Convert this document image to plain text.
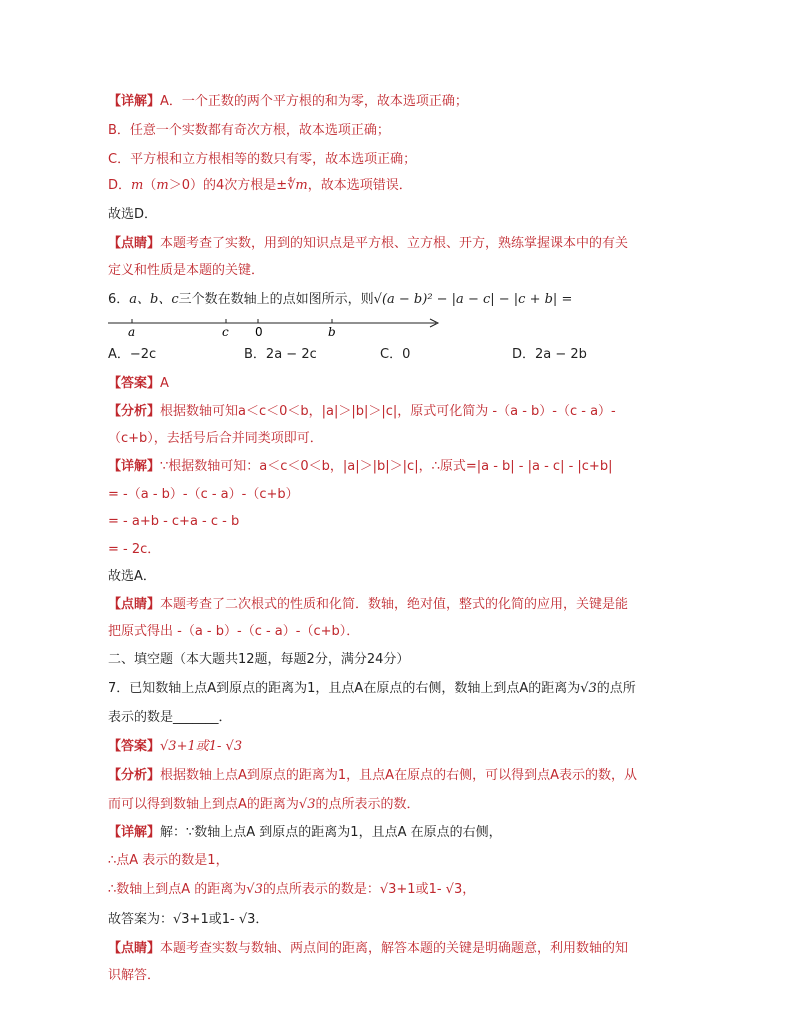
【详解】A．一个正数的两个平方根的和为零，故本选项正确；
B．任意一个实数都有奇次方根，故本选项正确；
C．平方根和立方根相等的数只有零，故本选项正确；
D．m（m＞0）的4次方根是±∜m，故本选项错误．
故选D．
【点睛】本题考查了实数，用到的知识点是平方根、立方根、开方，熟练掌握课本中的有关
定义和性质是本题的关键．
6．a、b、c三个数在数轴上的点如图所示，则√(a − b)² − |a − c| − |c + b| =
a	c 0	b
A．−2c	B．2a − 2c	C．0	D．2a − 2b
【答案】A
【分析】根据数轴可知a＜c＜0＜b，|a|＞|b|＞|c|，原式可化简为 -（a - b）-（c - a）-
（c+b），去括号后合并同类项即可．
【详解】∵根据数轴可知：a＜c＜0＜b，|a|＞|b|＞|c|，∴原式=|a - b| - |a - c| - |c+b|
= -（a - b）-（c - a）-（c+b）
= - a+b - c+a - c - b
= - 2c．
故选A．
【点睛】本题考查了二次根式的性质和化简．数轴，绝对值，整式的化简的应用，关键是能
把原式得出 -（a - b）-（c - a）-（c+b）．
二、填空题（本大题共12题，每题2分，满分24分）
7．已知数轴上点A到原点的距离为1，且点A在原点的右侧，数轴上到点A的距离为√3的点所
表示的数是_______．
【答案】√3+1或1- √3
【分析】根据数轴上点A到原点的距离为1，且点A在原点的右侧，可以得到点A表示的数，从
而可以得到数轴上到点A的距离为√3的点所表示的数．
【详解】解：∵数轴上点A 到原点的距离为1，且点A 在原点的右侧，
∴点A 表示的数是1，
∴数轴上到点A 的距离为√3的点所表示的数是：√3+1或1- √3，
故答案为：√3+1或1- √3．
【点睛】本题考查实数与数轴、两点间的距离，解答本题的关键是明确题意，利用数轴的知
识解答．
